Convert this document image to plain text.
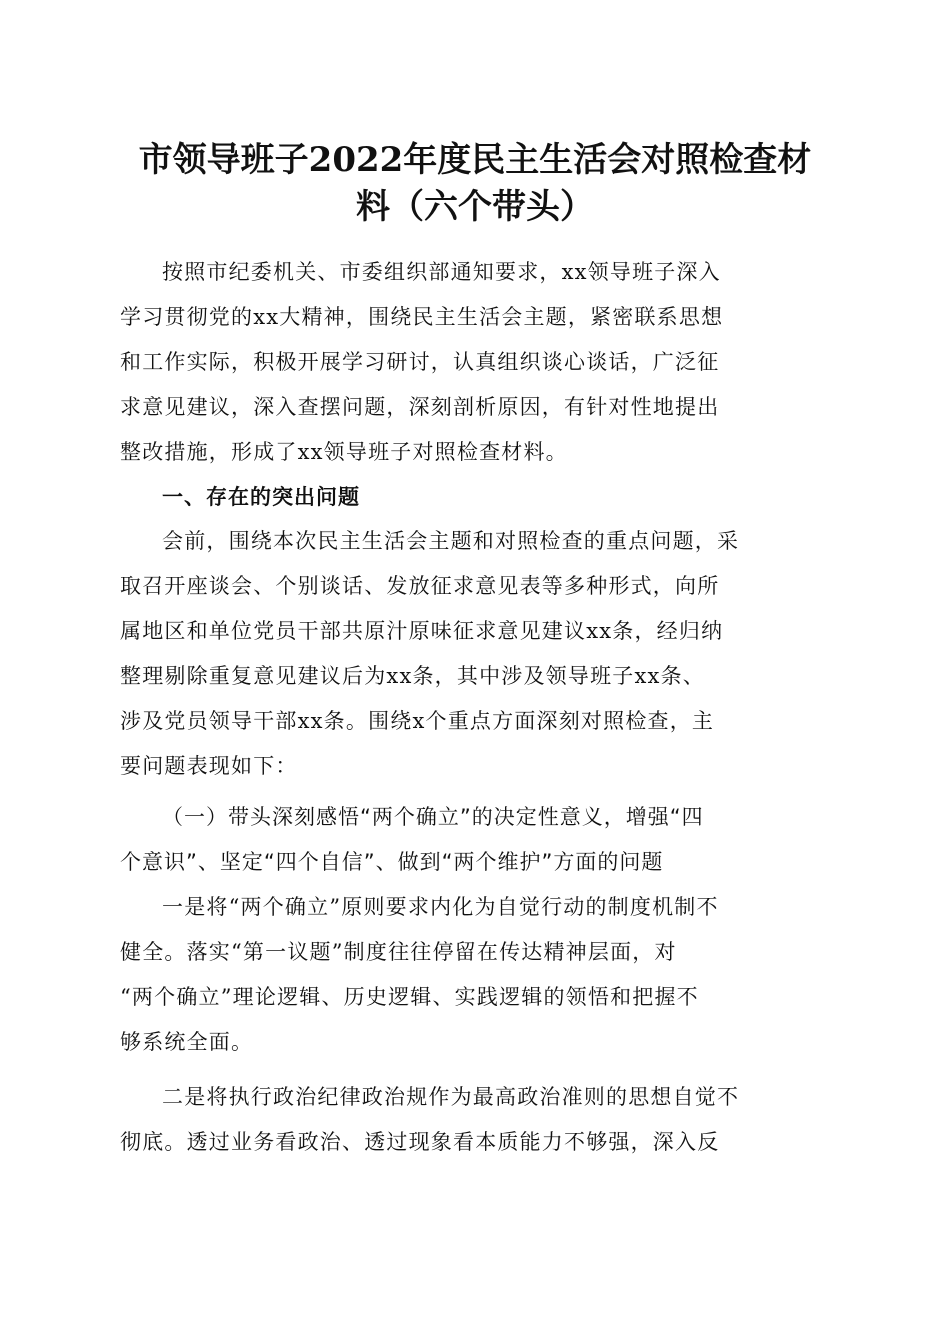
市领导班子2022年度民主生活会对照检查材
料（六个带头）
按照市纪委机关、市委组织部通知要求，xx领导班子深入
学习贯彻党的xx大精神，围绕民主生活会主题，紧密联系思想
和工作实际，积极开展学习研讨，认真组织谈心谈话，广泛征
求意见建议，深入查摆问题，深刻剖析原因，有针对性地提出
整改措施，形成了xx领导班子对照检查材料。
一、存在的突出问题
会前，围绕本次民主生活会主题和对照检查的重点问题，采
取召开座谈会、个别谈话、发放征求意见表等多种形式，向所
属地区和单位党员干部共原汁原味征求意见建议xx条，经归纳
整理剔除重复意见建议后为xx条，其中涉及领导班子xx条、
涉及党员领导干部xx条。围绕x个重点方面深刻对照检查，主
要问题表现如下：
（一）带头深刻感悟“两个确立”的决定性意义，增强“四
个意识”、坚定“四个自信”、做到“两个维护”方面的问题
一是将“两个确立”原则要求内化为自觉行动的制度机制不
健全。落实“第一议题”制度往往停留在传达精神层面，对
“两个确立”理论逻辑、历史逻辑、实践逻辑的领悟和把握不
够系统全面。
二是将执行政治纪律政治规作为最高政治准则的思想自觉不
彻底。透过业务看政治、透过现象看本质能力不够强，深入反
